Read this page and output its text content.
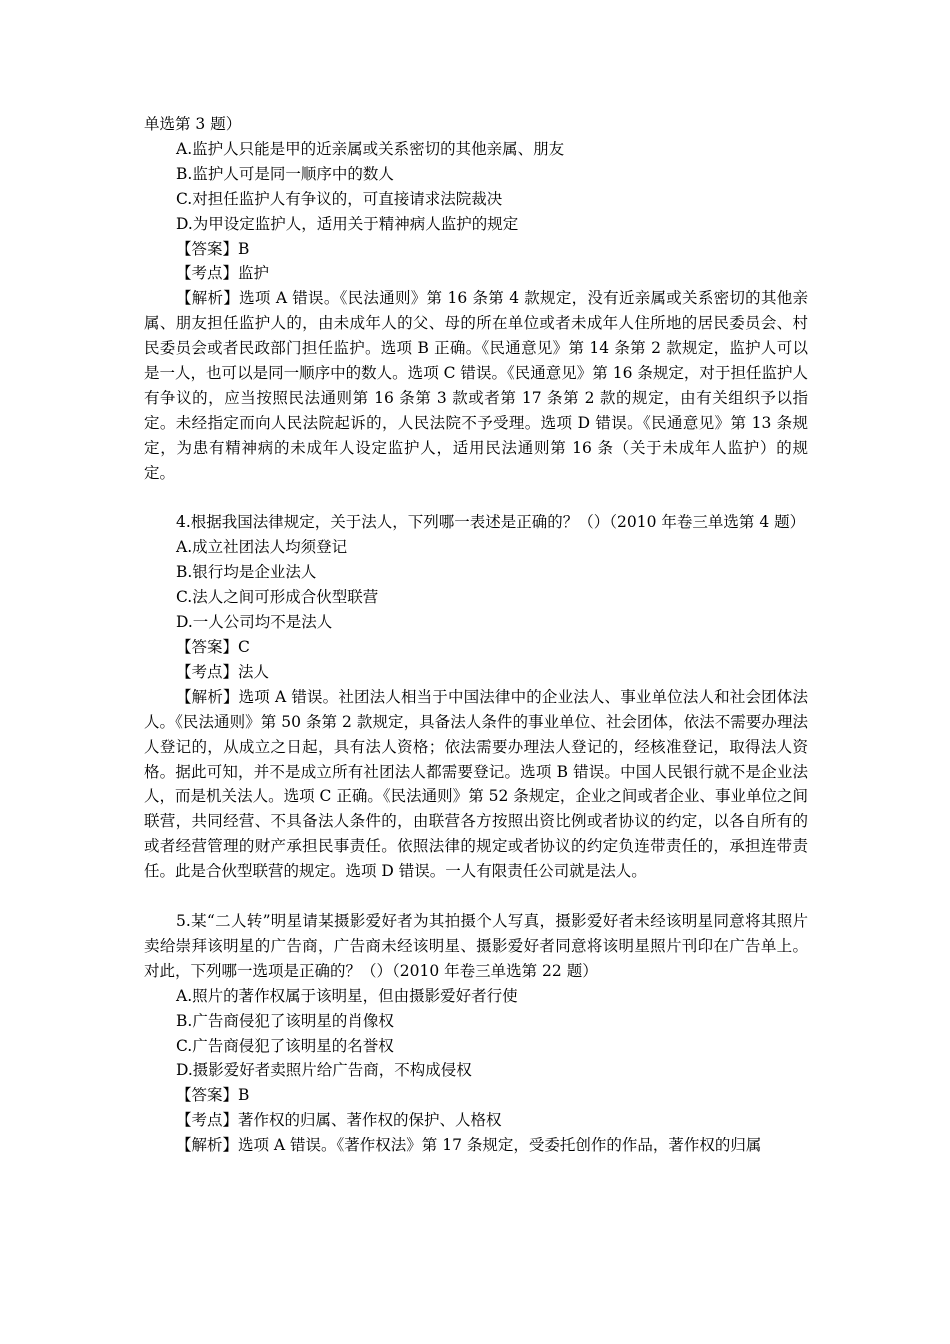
单选第 3 题）

A.监护人只能是甲的近亲属或关系密切的其他亲属、朋友

B.监护人可是同一顺序中的数人

C.对担任监护人有争议的，可直接请求法院裁决

D.为甲设定监护人，适用关于精神病人监护的规定

【答案】B

【考点】监护

【解析】选项 A 错误。《民法通则》第 16 条第 4 款规定，没有近亲属或关系密切的其他亲属、朋友担任监护人的，由未成年人的父、母的所在单位或者未成年人住所地的居民委员会、村民委员会或者民政部门担任监护。选项 B 正确。《民通意见》第 14 条第 2 款规定，监护人可以是一人，也可以是同一顺序中的数人。选项 C 错误。《民通意见》第 16 条规定，对于担任监护人有争议的，应当按照民法通则第 16 条第 3 款或者第 17 条第 2 款的规定，由有关组织予以指定。未经指定而向人民法院起诉的，人民法院不予受理。选项 D 错误。《民通意见》第 13 条规定，为患有精神病的未成年人设定监护人，适用民法通则第 16 条（关于未成年人监护）的规定。

4.根据我国法律规定，关于法人，下列哪一表述是正确的？（）（2010 年卷三单选第 4 题）

A.成立社团法人均须登记

B.银行均是企业法人

C.法人之间可形成合伙型联营

D.一人公司均不是法人

【答案】C

【考点】法人

【解析】选项 A 错误。社团法人相当于中国法律中的企业法人、事业单位法人和社会团体法人。《民法通则》第 50 条第 2 款规定，具备法人条件的事业单位、社会团体，依法不需要办理法人登记的，从成立之日起，具有法人资格；依法需要办理法人登记的，经核准登记，取得法人资格。据此可知，并不是成立所有社团法人都需要登记。选项 B 错误。中国人民银行就不是企业法人，而是机关法人。选项 C 正确。《民法通则》第 52 条规定，企业之间或者企业、事业单位之间联营，共同经营、不具备法人条件的，由联营各方按照出资比例或者协议的约定，以各自所有的或者经营管理的财产承担民事责任。依照法律的规定或者协议的约定负连带责任的，承担连带责任。此是合伙型联营的规定。选项 D 错误。一人有限责任公司就是法人。

5.某“二人转”明星请某摄影爱好者为其拍摄个人写真，摄影爱好者未经该明星同意将其照片卖给崇拜该明星的广告商，广告商未经该明星、摄影爱好者同意将该明星照片刊印在广告单上。对此，下列哪一选项是正确的？（）（2010 年卷三单选第 22 题）

A.照片的著作权属于该明星，但由摄影爱好者行使

B.广告商侵犯了该明星的肖像权

C.广告商侵犯了该明星的名誉权

D.摄影爱好者卖照片给广告商，不构成侵权

【答案】B

【考点】著作权的归属、著作权的保护、人格权

【解析】选项 A 错误。《著作权法》第 17 条规定，受委托创作的作品，著作权的归属
